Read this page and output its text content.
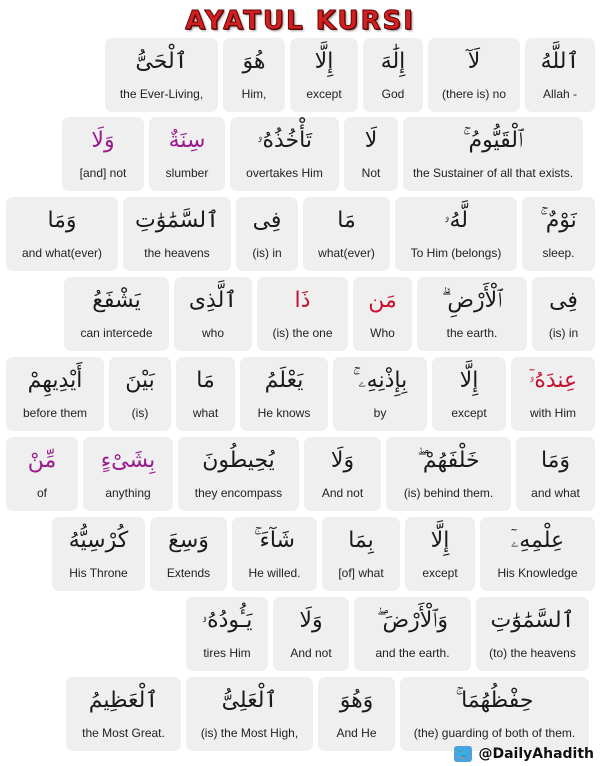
AYATUL KURSI
ٱللَّهُ
Allah -
لَآ
(there is) no
إِلَٰهَ
God
إِلَّا
except
هُوَ
Him,
ٱلْحَىُّ
the Ever-Living,
ٱلْقَيُّومُ ۚ
the Sustainer of all that exists.
لَا
Not
تَأْخُذُهُۥ
overtakes Him
سِنَةٌ
slumber
وَلَا
[and] not
نَوْمٌ ۚ
sleep.
لَّهُۥ
To Him (belongs)
مَا
what(ever)
فِى
(is) in
ٱلسَّمَٰوَٰتِ
the heavens
وَمَا
and what(ever)
فِى
(is) in
ٱلْأَرْضِ ۗ
the earth.
مَن
Who
ذَا
(is) the one
ٱلَّذِى
who
يَشْفَعُ
can intercede
عِندَهُۥٓ
with Him
إِلَّا
except
بِإِذْنِهِۦ ۚ
by
يَعْلَمُ
He knows
مَا
what
بَيْنَ
(is)
أَيْدِيهِمْ
before them
وَمَا
and what
خَلْفَهُمْ ۖ
(is) behind them.
وَلَا
And not
يُحِيطُونَ
they encompass
بِشَىْءٍ
anything
مِّنْ
of
عِلْمِهِۦٓ
His Knowledge
إِلَّا
except
بِمَا
[of] what
شَآءَ ۚ
He willed.
وَسِعَ
Extends
كُرْسِيُّهُ
His Throne
ٱلسَّمَٰوَٰتِ
(to) the heavens
وَٱلْأَرْضَ ۖ
and the earth.
وَلَا
And not
يَـُٔودُهُۥ
tires Him
حِفْظُهُمَا ۚ
(the) guarding of both of them.
وَهُوَ
And He
ٱلْعَلِىُّ
(is) the Most High,
ٱلْعَظِيمُ
the Most Great.
🐦 @DailyAhadith
